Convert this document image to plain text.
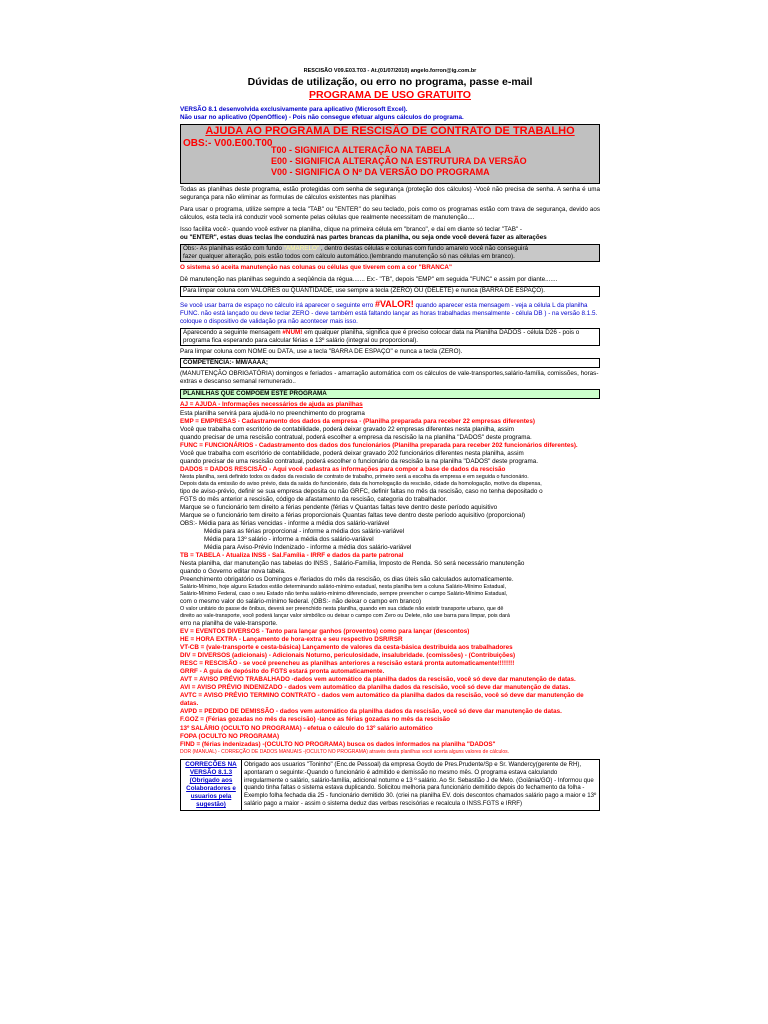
RESCISÃO V09.E03.T03 - At.(01/07/2010) angelo.forron@ig.com.br
Dúvidas de utilização, ou erro no programa, passe e-mail
PROGRAMA DE USO GRATUITO
VERSÃO 8.1 desenvolvida exclusivamente para aplicativo (Microsoft Excel).
Não usar no aplicativo (OpenOffice) - Pois não consegue efetuar alguns cálculos do programa.
AJUDA AO PROGRAMA DE RESCISÃO DE CONTRATO DE TRABALHO
OBS:- V00.E00.T00
T00 - SIGNIFICA ALTERAÇÃO NA TABELA
E00 - SIGNIFICA ALTERAÇÃO NA ESTRUTURA DA VERSÃO
V00 - SIGNIFICA O Nº DA VERSÃO DO PROGRAMA
Todas as planilhas deste programa, estão protegidas com senha de segurança (proteção dos cálculos) -Você não precisa de senha. A senha é uma segurança para não eliminar as formulas de cálculos existentes nas planilhas
Para usar o programa, utilize sempre a tecla "TAB" ou "ENTER" do seu teclado, pois como os programas estão com trava de segurança, devido aos cálculos, esta tecla irá conduzir você somente pelas células que realmente necessitam de manutenção....
Isso facilita você:- quando você estiver na planilha, clique na primeira célula em "branco", e daí em diante só teclar "TAB" -
ou "ENTER", estas duas teclas lhe conduzirá nas partes brancas da planilha, ou seja onde você deverá fazer as alterações
Obs:- As planilhas estão com fundo "AMARELO" , dentro destas células e colunas com fundo amarelo você não conseguirá
fazer qualquer alteração, pois estão todos com cálculo automático.(lembrando manutenção só nas células em branco).
O sistema só aceita manutenção nas colunas ou células que tiverem com a cor "BRANCA"
Dê manutenção nas planilhas seguindo a seqüência da régua....... Ex:- "TB", depois "EMP" em seguida "FUNC" e assim por diante.......
Para limpar coluna com VALORES ou QUANTIDADE, use sempre a tecla (ZERO) OU (DELETE) e nunca (BARRA DE ESPAÇO).
Se você usar barra de espaço no cálculo irá aparecer o seguinte erro #VALOR! quando aparecer esta mensagem - veja a célula L da planilha FUNC. não está lançado ou deve teclar ZERO - deve também está faltando lançar as horas trabalhadas mensalmente - célula DB ) - na versão 8.1.5. coloque o dispositivo de validação pra não acontecer mais isso.
Aparecendo a seguinte mensagem #NUM! em qualquer planilha, significa que é preciso colocar data na Planilha DADOS - célula D26 - pois o programa fica esperando para calcular férias e 13º salário (integral ou proporcional).
Para limpar coluna com NOME ou DATA, use a tecla "BARRA DE ESPAÇO" e nunca a tecla (ZERO).
COMPETÊNCIA:- MM/AAAA;
(MANUTENÇÃO OBRIGATÓRIA) domingos e feriados - amarração automática com os cálculos de vale-transportes,salário-família, comissões, horas-extras e descanso semanal remunerado..
PLANILHAS QUE COMPOEM ESTE PROGRAMA
AJ = AJUDA - Informações necessários de ajuda as planilhas
Esta planilha servirá para ajudá-lo no preenchimento do programa
EMP = EMPRESAS - Cadastramento dos dados da empresa - (Planilha preparada para receber 22 empresas diferentes)
Você que trabalha com escritório de contabilidade, poderá deixar gravado 22 empresas diferentes nesta planilha, assim
quando precisar de uma rescisão contratual, poderá escolher a empresa da rescisão la na planilha "DADOS" deste programa.
FUNC = FUNCIONÁRIOS - Cadastramento dos dados dos funcionários (Planilha preparada para receber 202 funcionários diferentes).
Você que trabalha com escritório de contabilidade, poderá deixar gravado 202 funcionários diferentes nesta planilha, assim
quando precisar de uma rescisão contratual, poderá escolher o funcionário da rescisão la na planilha "DADOS" deste programa.
DADOS = DADOS RESCISÃO - Aqui você cadastra as informações para compor a base de dados da rescisão
Nesta planilha, será definido todos os dados da rescisão de contrato de trabalho, primeiro será a escolha da empresa e em seguida o funcionário.
Depois data da emissão do aviso prévio, data da saída do funcionário, data da homologação da rescisão, cidade da homologação, motivo da dispensa,
tipo de aviso-prévio, definir se sua empresa deposita ou não GRFC, definir faltas no mês da rescisão, caso no tenha depositado o
FGTS do mês anterior a rescisão, código de afastamento da rescisão, categoria do trabalhador.
Marque se o funcionário tem direito a férias pendente (férias v Quantas faltas teve dentro deste período aquisitivo
Marque se o funcionário tem direito a férias proporcionais Quantas faltas teve dentro deste período aquisitivo (proporcional)
OBS:- Média para as férias vencidas - informe a média dos salário-variável
Média para as férias proporcional - informe a média dos salário-variável
Média para 13º salário - informe a média dos salário-variável
Média para Aviso-Prévio Indenizado - informe a média dos salário-variável
TB = TABELA - Atualiza INSS - Sal.Família - IRRF e dados da parte patronal
Nesta planilha, dar manutenção nas tabelas do INSS , Salário-Família, Imposto de Renda. Só será necessário manutenção
quando o Governo editar nova tabela.
Preenchimento obrigatório os Domingos e /feriados do mês da rescisão, os dias úteis são calculados automaticamente.
Salário-Mínimo, hoje alguns Estados estão determinando salário-mínimo estadual, nesta planilha tem a coluna Salário-Mínimo Estadual,
Salário-Mínimo Federal, caso o seu Estado não tenha salário-mínimo diferenciado, sempre preencher o campo Salário-Mínimo Estadual,
com o mesmo valor do salário-mínimo federal. (OBS:- não deixar o campo em branco)
O valor unitário do passe de ônibus, deverá ser preenchido nesta planilha, quando em sua cidade não existir transporte urbano, que dê
direito ao vale-transporte, você poderá lançar valor simbólico ou deixar o campo com Zero ou Delete, não use barra para limpar, pois dará
erro na planilha de vale-transporte.
EV = EVENTOS DIVERSOS - Tanto para lançar ganhos (proventos) como para lançar (descontos)
HE = HORA EXTRA - Lançamento de hora-extra e seu respectivo DSR/RSR
VT-CB = (vale-transporte e cesta-básica) Lançamento de valores da cesta-básica destribuida aos trabalhadores
DIV = DIVERSOS (adicionais) - Adicionais Noturno, periculosidade, insalubridade. (comissões) - (Contribuições)
RESC = RESCISÃO - se você preencheu as planilhas anteriores a rescisão estará pronta automaticamente!!!!!!!!
GRRF - A guia de depósito do FGTS estará pronta automaticamente.
AVT = AVISO PRÉVIO TRABALHADO -dados vem automático da planilha dados da rescisão, você só deve dar manutenção de datas.
AVI = AVISO PRÉVIO INDENIZADO - dados vem automático da planilha dados da rescisão, você só deve dar manutenção de datas.
AVTC = AVISO PRÉVIO TERMINO CONTRATO - dados vem automático da planilha dados da rescisão, você só deve dar manutenção de datas.
AVPD = PEDIDO DE DEMISSÃO - dados vem automático da planilha dados da rescisão, você só deve dar manutenção de datas.
F.GOZ = (Férias gozadas no mês da rescisão) -lance as férias gozadas no mês da rescisão
13º SALÁRIO (OCULTO NO PROGRAMA) - efetua o cálculo do 13º salário automático
FOPA (OCULTO NO PROGRAMA)
FIND = (férias indenizadas) -(OCULTO NO PROGRAMA) busca os dados informados na planilha "DADOS"
DOR (MANUAL) - CORREÇÃO DE DADOS MANUAIS -(OCULTO NO PROGRAMA) através desta planilhas você acerta alguns valores de cálculos.
CORRECÕES NA VERSÃO 8.1.3 (Obrigado aos Colaboradores e usuarios pela sugestão)
Obrigado aos usuarios "Toninho" (Enc.de Pessoal) da empresa Goydo de Pres.Prudente/Sp e Sr. Wandercy(gerente de RH), apontaram o seguinte:-Quando o funcionário é admitido e demissão no mesmo mês. O programa estava calculando irregularmente o salário, salário-família, adicional noturno e 13 º salário. Ao Sr. Sebastião J de Melo. (Goiânia/GO) - Informou que quando tinha faltas o sistema estava duplicando. Solicitou melhoria para funcionário demitido depois do fechamento da folha - Exemplo folha fechada dia 25 - funcionário demitido 30. (criei na planilha EV. dois descontos chamados salário pago a maior e 13º salário pago a maior - assim o sistema deduz das verbas rescisórias e recalcula o INSS.FGTS e IRRF)
